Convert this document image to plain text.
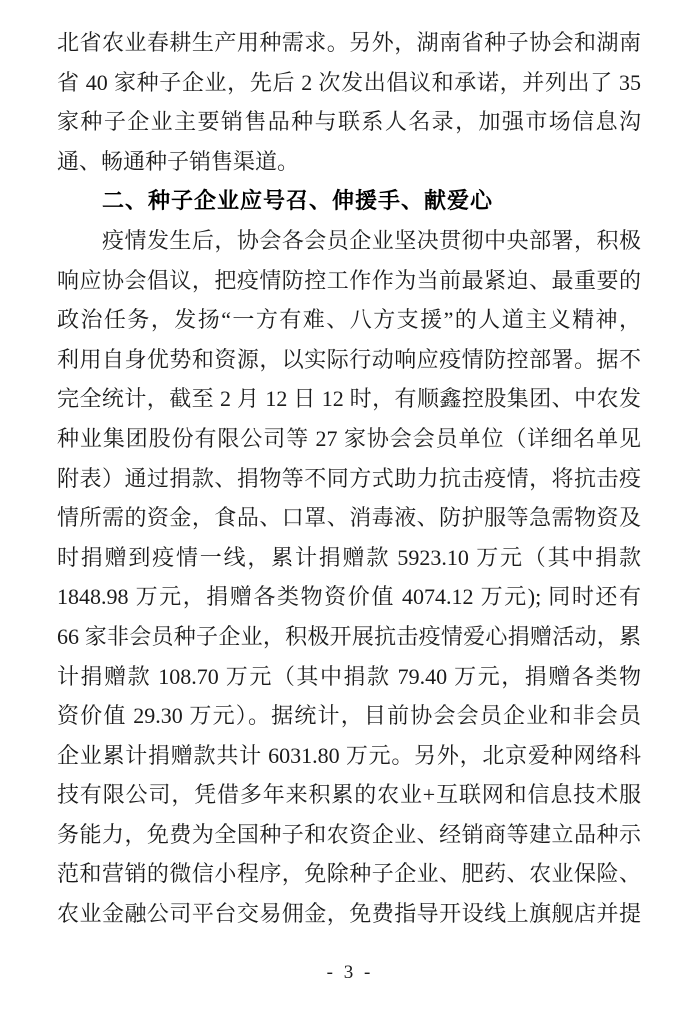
北省农业春耕生产用种需求。另外，湖南省种子协会和湖南
省 40 家种子企业，先后 2 次发出倡议和承诺，并列出了 35
家种子企业主要销售品种与联系人名录，加强市场信息沟
通、畅通种子销售渠道。
二、种子企业应号召、伸援手、献爱心
疫情发生后，协会各会员企业坚决贯彻中央部署，积极
响应协会倡议，把疫情防控工作作为当前最紧迫、最重要的
政治任务，发扬“一方有难、八方支援”的人道主义精神，
利用自身优势和资源，以实际行动响应疫情防控部署。据不
完全统计，截至 2 月 12 日 12 时，有顺鑫控股集团、中农发
种业集团股份有限公司等 27 家协会会员单位（详细名单见
附表）通过捐款、捐物等不同方式助力抗击疫情，将抗击疫
情所需的资金，食品、口罩、消毒液、防护服等急需物资及
时捐赠到疫情一线，累计捐赠款 5923.10 万元（其中捐款
1848.98 万元，捐赠各类物资价值 4074.12 万元); 同时还有
66 家非会员种子企业，积极开展抗击疫情爱心捐赠活动，累
计捐赠款 108.70 万元（其中捐款 79.40 万元，捐赠各类物
资价值 29.30 万元）。据统计，目前协会会员企业和非会员
企业累计捐赠款共计 6031.80 万元。另外，北京爱种网络科
技有限公司，凭借多年来积累的农业+互联网和信息技术服
务能力，免费为全国种子和农资企业、经销商等建立品种示
范和营销的微信小程序，免除种子企业、肥药、农业保险、
农业金融公司平台交易佣金，免费指导开设线上旗舰店并提
- 3 -
